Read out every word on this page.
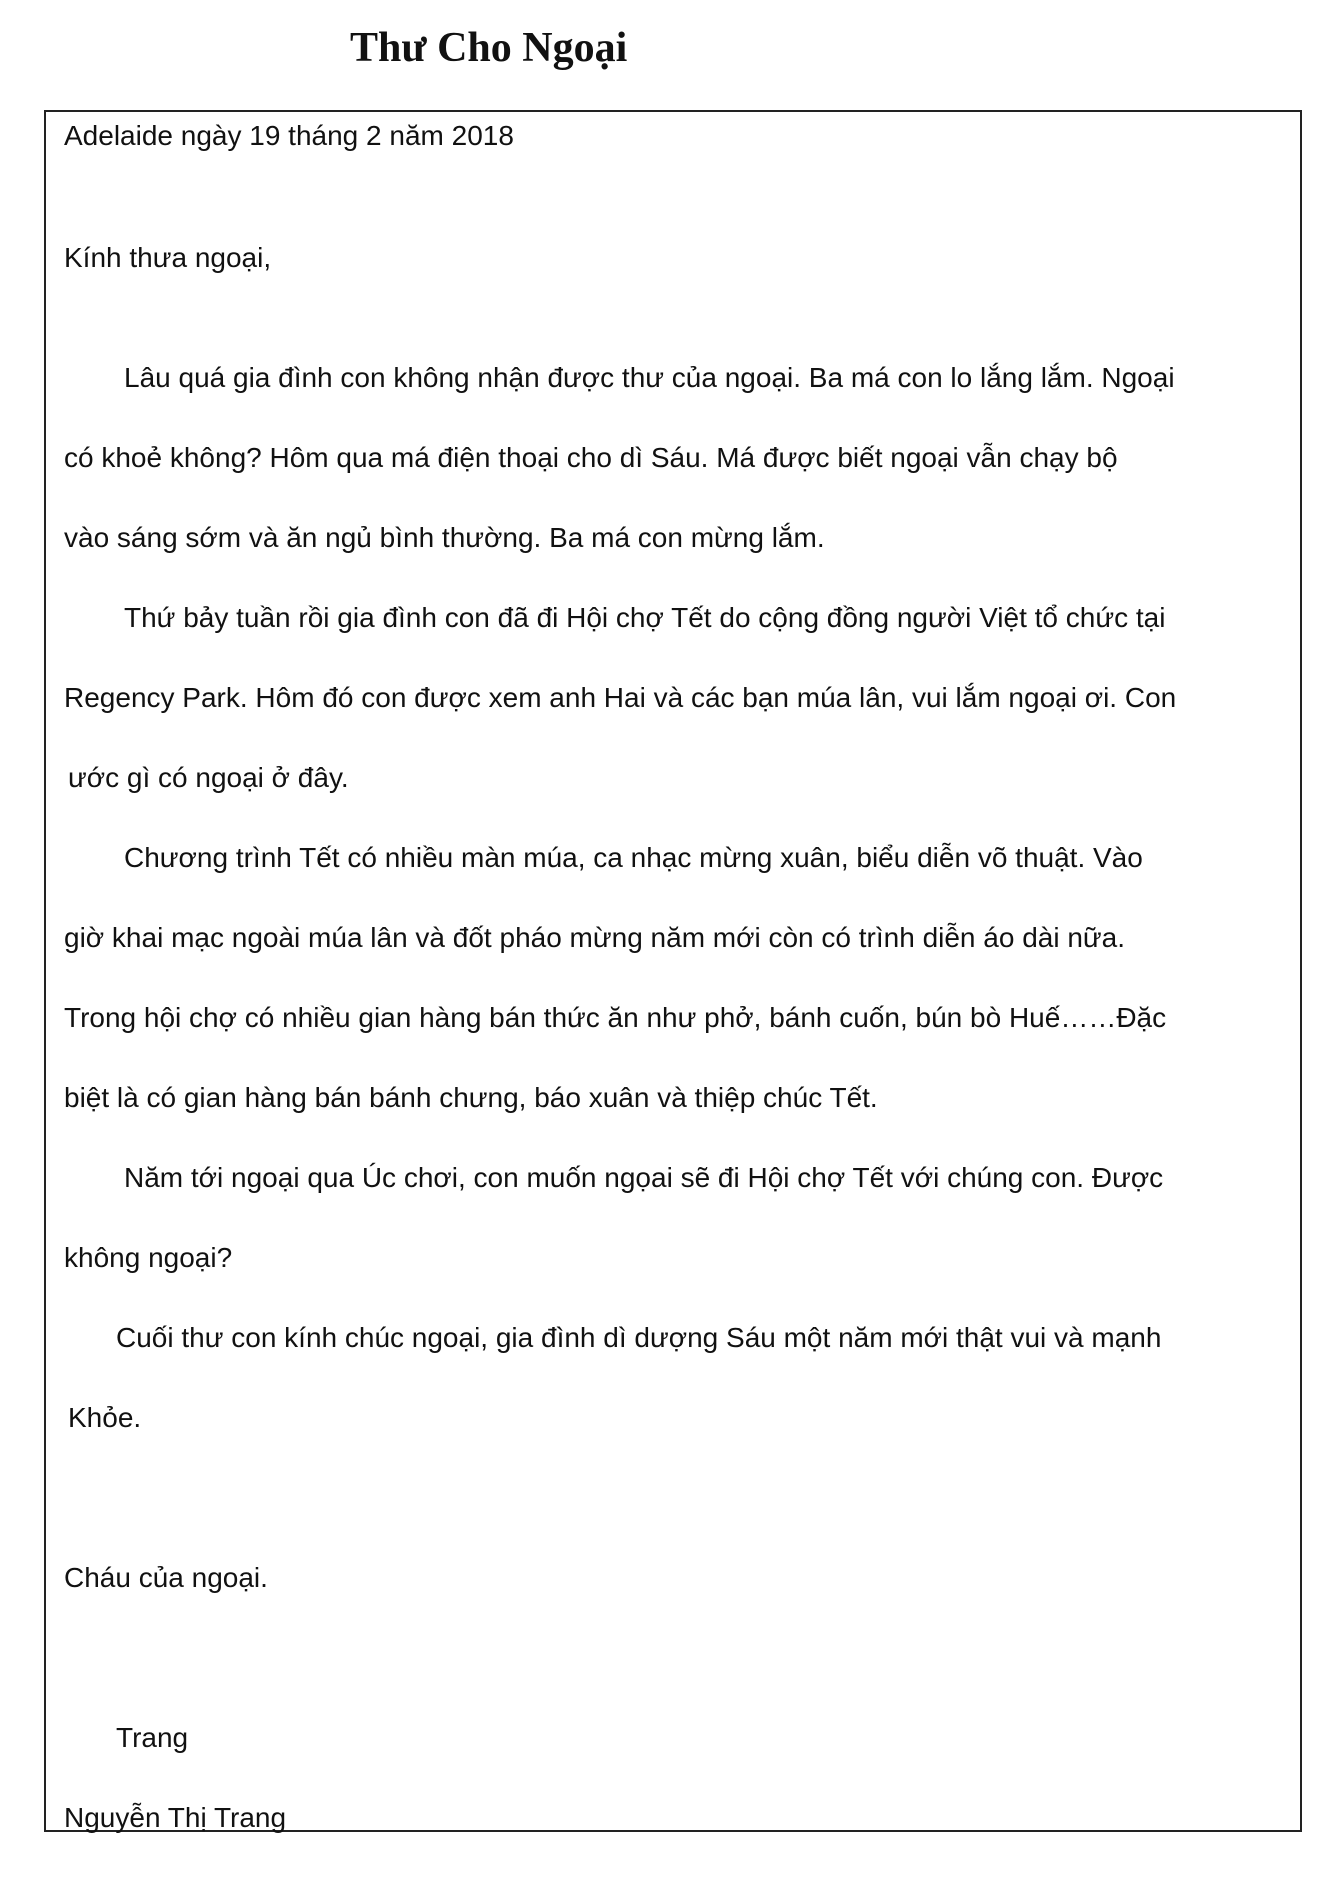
Thư Cho Ngoại

Adelaide ngày 19 tháng 2 năm 2018

Kính thưa ngoại,

Lâu quá gia đình con không nhận được thư của ngoại. Ba má con lo lắng lắm. Ngoại

có khoẻ không? Hôm qua má điện thoại cho dì Sáu. Má được biết ngoại vẫn chạy bộ

vào sáng sớm và ăn ngủ bình thường. Ba má con mừng lắm.

Thứ bảy tuần rồi gia đình con đã đi Hội chợ Tết do cộng đồng người Việt tổ chức tại

Regency Park. Hôm đó con được xem anh Hai và các bạn múa lân, vui lắm ngoại ơi. Con

ước gì có ngoại ở đây.

Chương trình Tết có nhiều màn múa, ca nhạc mừng xuân, biểu diễn võ thuật. Vào

giờ khai mạc ngoài múa lân và đốt pháo mừng năm mới còn có trình diễn áo dài nữa.

Trong hội chợ có nhiều gian hàng bán thức ăn như phở, bánh cuốn, bún bò Huế……Đặc

biệt là có gian hàng bán bánh chưng, báo xuân và thiệp chúc Tết.

Năm tới ngoại qua Úc chơi, con muốn ngọai sẽ đi Hội chợ Tết với chúng con. Được

không ngoại?

Cuối thư con kính chúc ngoại, gia đình dì dượng Sáu một năm mới thật vui và mạnh

Khỏe.

Cháu của ngoại.

Trang

Nguyễn Thị Trang
